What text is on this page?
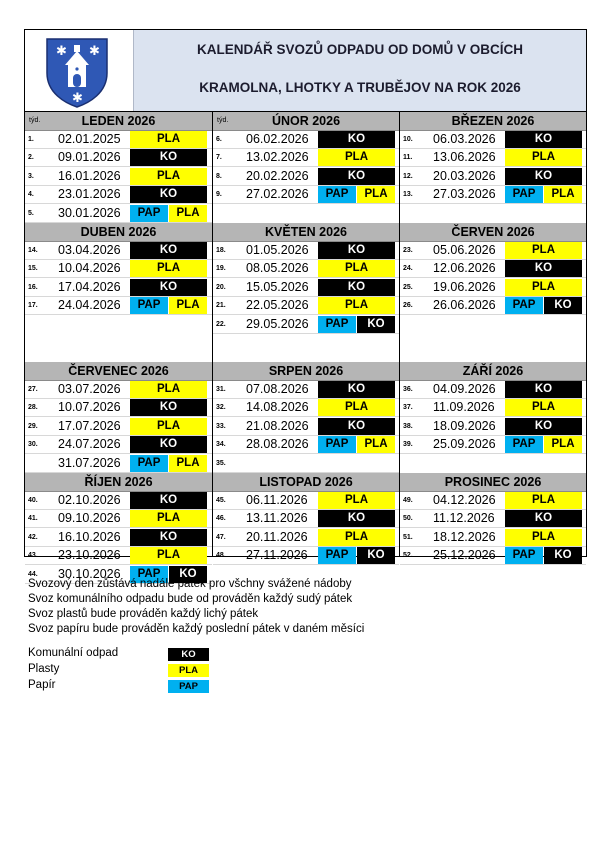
✱ ✱
✱
KALENDÁŘ SVOZŮ ODPADU OD DOMŮ V OBCÍCH
KRAMOLNA, LHOTKY A TRUBĚJOV NA ROK 2026
týd.	LEDEN 2026
1. 02.01.2025	PLA
2. 09.01.2026	KO
3. 16.01.2026	PLA
4. 23.01.2026	KO
5. 30.01.2026	PAP	PLA
týd.	ÚNOR 2026
6. 06.02.2026	KO
7. 13.02.2026	PLA
8. 20.02.2026	KO
9. 27.02.2026	PAP	PLA
BŘEZEN 2026
10. 06.03.2026	KO
11. 13.06.2026	PLA
12. 20.03.2026	KO
13. 27.03.2026	PAP	PLA
DUBEN 2026
14. 03.04.2026	KO
15. 10.04.2026	PLA
16. 17.04.2026	KO
17. 24.04.2026	PAP	PLA
KVĚTEN 2026
18. 01.05.2026	KO
19. 08.05.2026	PLA
20. 15.05.2026	KO
21. 22.05.2026	PLA
22. 29.05.2026	PAP	KO
ČERVEN 2026
23. 05.06.2026	PLA
24. 12.06.2026	KO
25. 19.06.2026	PLA
26. 26.06.2026	PAP	KO
ČERVENEC 2026
27. 03.07.2026	PLA
28. 10.07.2026	KO
29. 17.07.2026	PLA
30. 24.07.2026	KO
31.07.2026	PAP	PLA
SRPEN 2026
31. 07.08.2026	KO
32. 14.08.2026	PLA
33. 21.08.2026	KO
34. 28.08.2026	PAP	PLA
35.
ZÁŘÍ 2026
36. 04.09.2026	KO
37. 11.09.2026	PLA
38. 18.09.2026	KO
39. 25.09.2026	PAP	PLA
ŘÍJEN 2026
40. 02.10.2026	KO
41. 09.10.2026	PLA
42. 16.10.2026	KO
43. 23.10.2026	PLA
44. 30.10.2026	PAP	KO
LISTOPAD 2026
45. 06.11.2026	PLA
46. 13.11.2026	KO
47. 20.11.2026	PLA
48. 27.11.2026	PAP	KO
PROSINEC 2026
49. 04.12.2026	PLA
50. 11.12.2026	KO
51. 18.12.2026	PLA
52. 25.12.2026	PAP	KO
Svozový den zůstává nadále pátek pro všchny svážené nádoby
Svoz komunálního odpadu bude od prováděn každý sudý pátek
Svoz plastů bude prováděn každý lichý pátek
Svoz papíru bude prováděn každý poslední pátek v daném měsíci
Komunální odpad	KO
Plasty	PLA
Papír	PAP
